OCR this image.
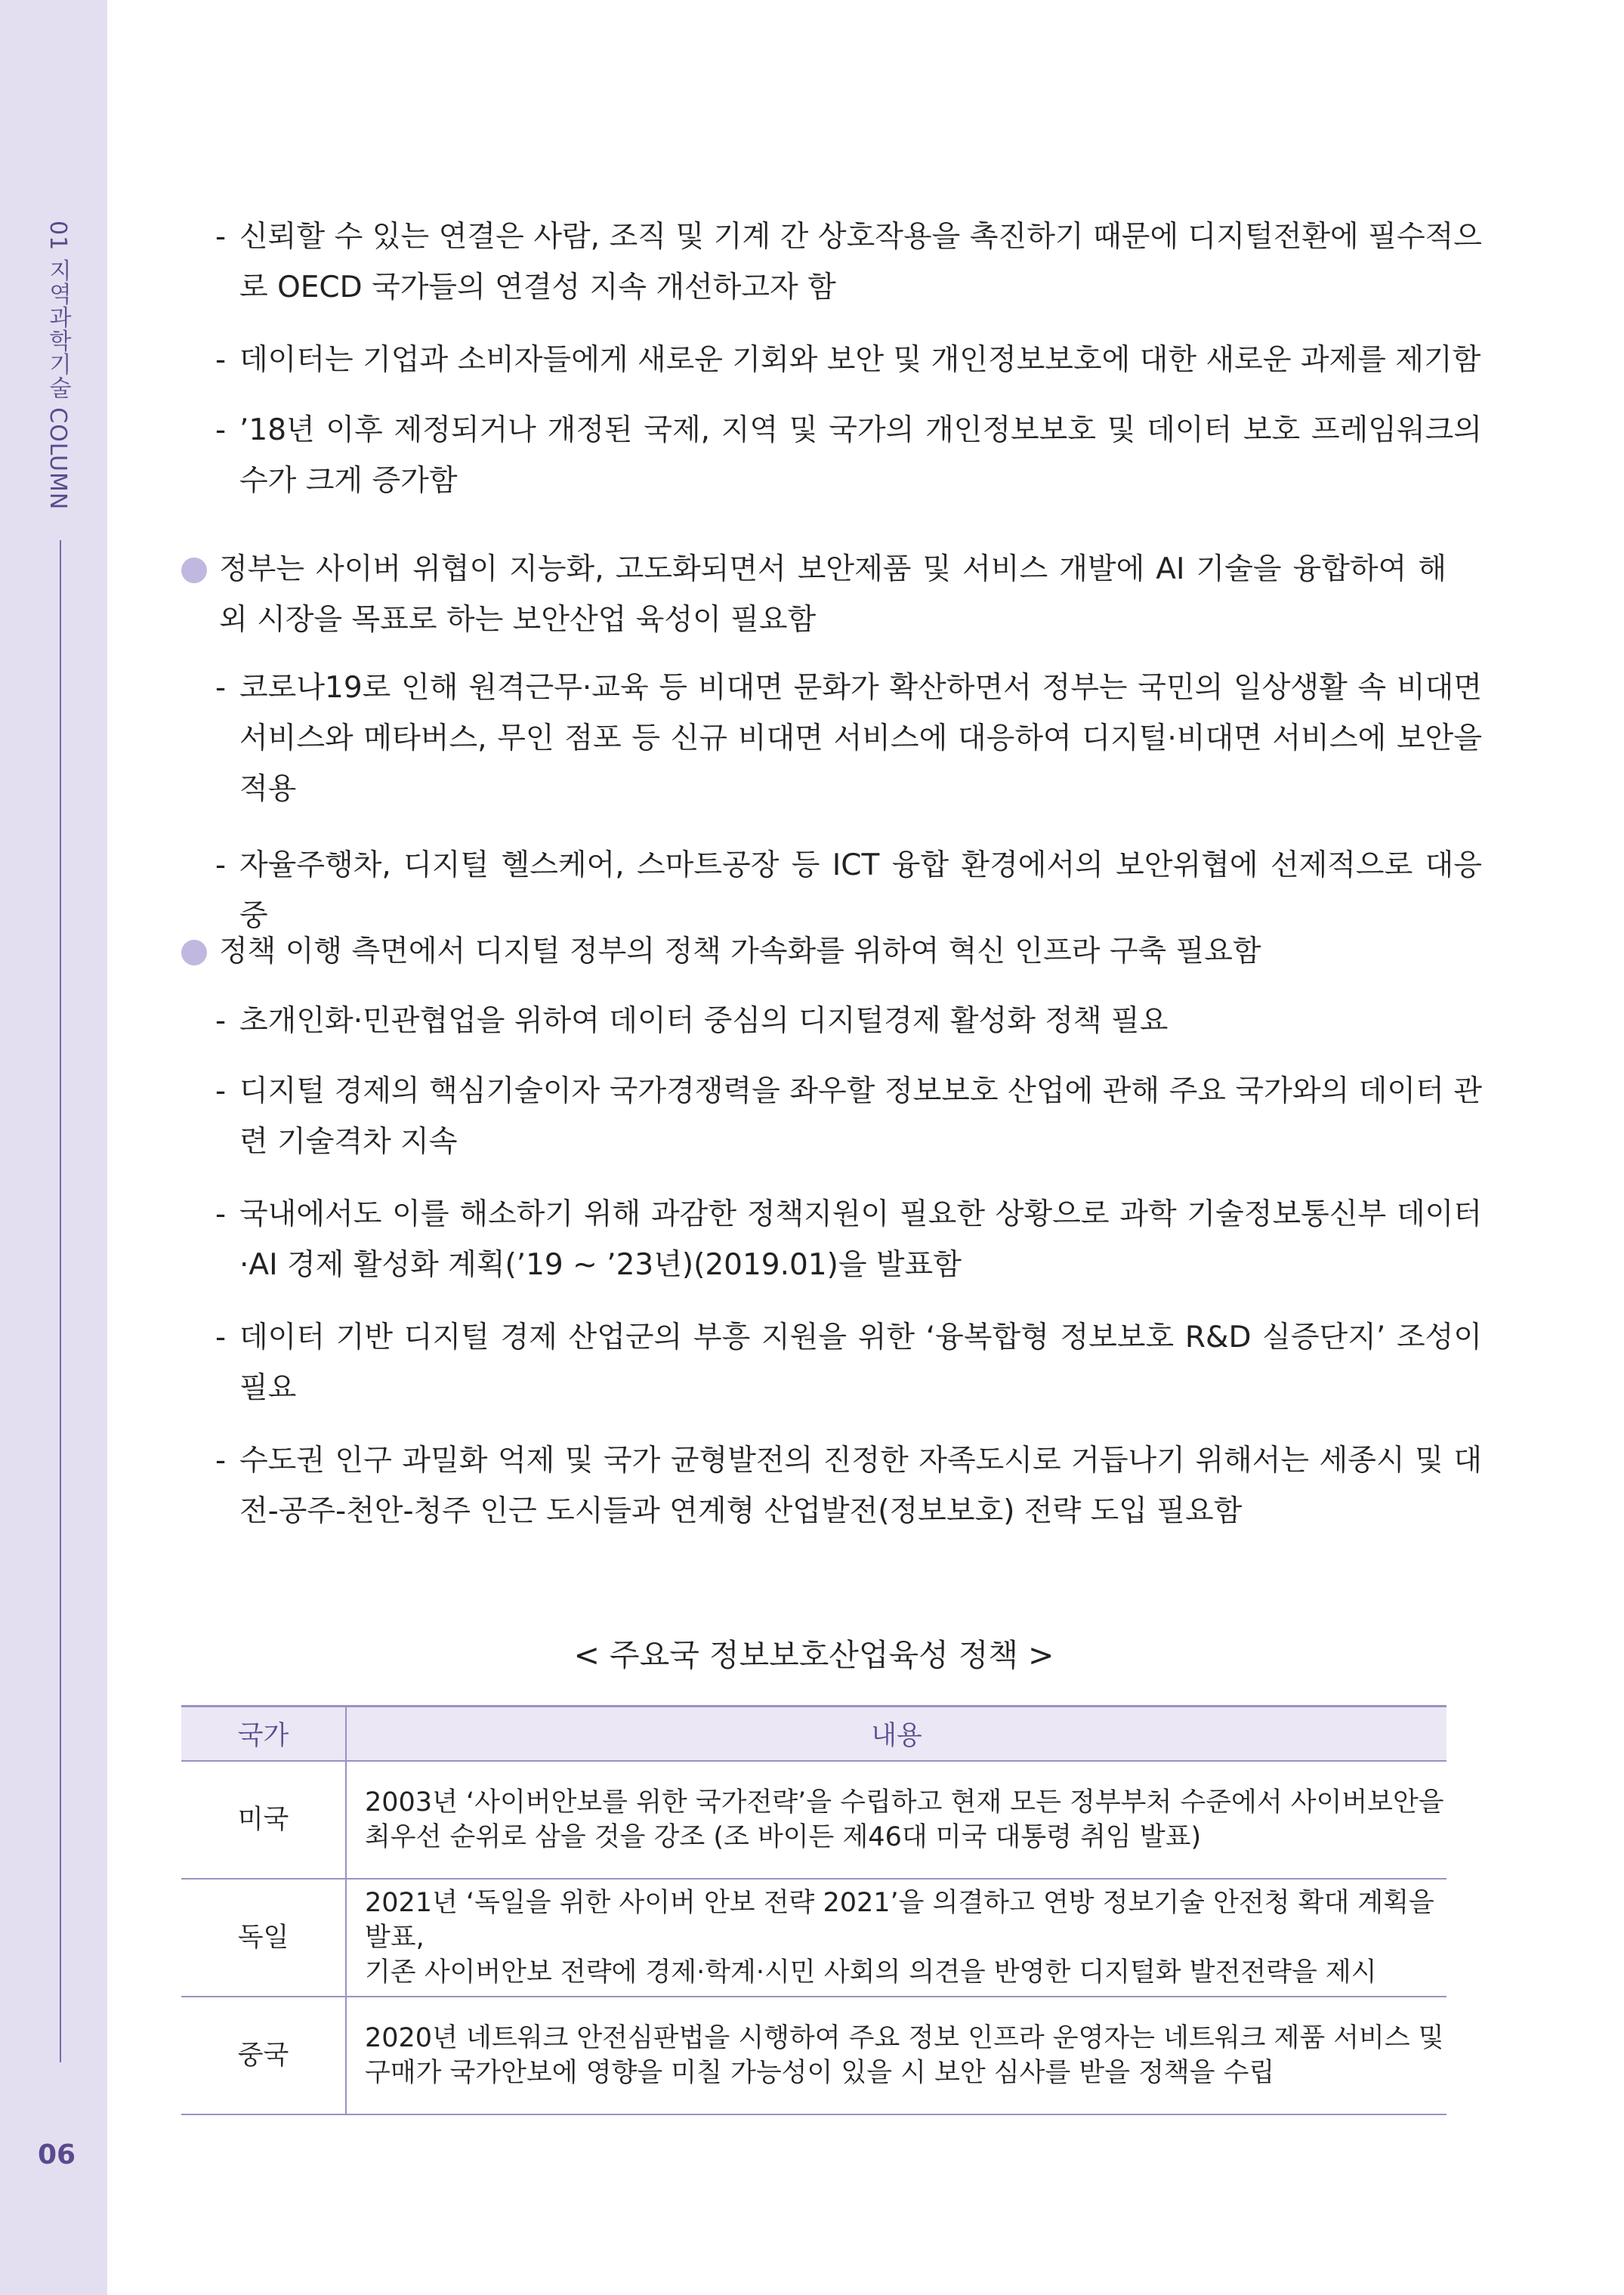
01 지역과학기술 COLUMN
06
- 신뢰할 수 있는 연결은 사람, 조직 및 기계 간 상호작용을 촉진하기 때문에 디지털전환에 필수적으로 OECD 국가들의 연결성 지속 개선하고자 함
- 데이터는 기업과 소비자들에게 새로운 기회와 보안 및 개인정보보호에 대한 새로운 과제를 제기함
- ’18년 이후 제정되거나 개정된 국제, 지역 및 국가의 개인정보보호 및 데이터 보호 프레임워크의 수가 크게 증가함
정부는 사이버 위협이 지능화, 고도화되면서 보안제품 및 서비스 개발에 AI 기술을 융합하여 해외 시장을 목표로 하는 보안산업 육성이 필요함
- 코로나19로 인해 원격근무·교육 등 비대면 문화가 확산하면서 정부는 국민의 일상생활 속 비대면 서비스와 메타버스, 무인 점포 등 신규 비대면 서비스에 대응하여 디지털·비대면 서비스에 보안을 적용
- 자율주행차, 디지털 헬스케어, 스마트공장 등 ICT 융합 환경에서의 보안위협에 선제적으로 대응 중
정책 이행 측면에서 디지털 정부의 정책 가속화를 위하여 혁신 인프라 구축 필요함
- 초개인화·민관협업을 위하여 데이터 중심의 디지털경제 활성화 정책 필요
- 디지털 경제의 핵심기술이자 국가경쟁력을 좌우할 정보보호 산업에 관해 주요 국가와의 데이터 관련 기술격차 지속
- 국내에서도 이를 해소하기 위해 과감한 정책지원이 필요한 상황으로 과학 기술정보통신부 데이터·AI 경제 활성화 계획(’19 ~ ’23년)(2019.01)을 발표함
- 데이터 기반 디지털 경제 산업군의 부흥 지원을 위한 ‘융복합형 정보보호 R&D 실증단지’ 조성이 필요
- 수도권 인구 과밀화 억제 및 국가 균형발전의 진정한 자족도시로 거듭나기 위해서는 세종시 및 대전-공주-천안-청주 인근 도시들과 연계형 산업발전(정보보호) 전략 도입 필요함
< 주요국 정보보호산업육성 정책 >
국가	내용
미국	2003년 ‘사이버안보를 위한 국가전략’을 수립하고 현재 모든 정부부처 수준에서 사이버보안을
최우선 순위로 삼을 것을 강조 (조 바이든 제46대 미국 대통령 취임 발표)

독일	2021년 ‘독일을 위한 사이버 안보 전략 2021’을 의결하고 연방 정보기술 안전청 확대 계획을 발표,
기존 사이버안보 전략에 경제·학계·시민 사회의 의견을 반영한 디지털화 발전전략을 제시

중국	2020년 네트워크 안전심판법을 시행하여 주요 정보 인프라 운영자는 네트워크 제품 서비스 및
구매가 국가안보에 영향을 미칠 가능성이 있을 시 보안 심사를 받을 정책을 수립
